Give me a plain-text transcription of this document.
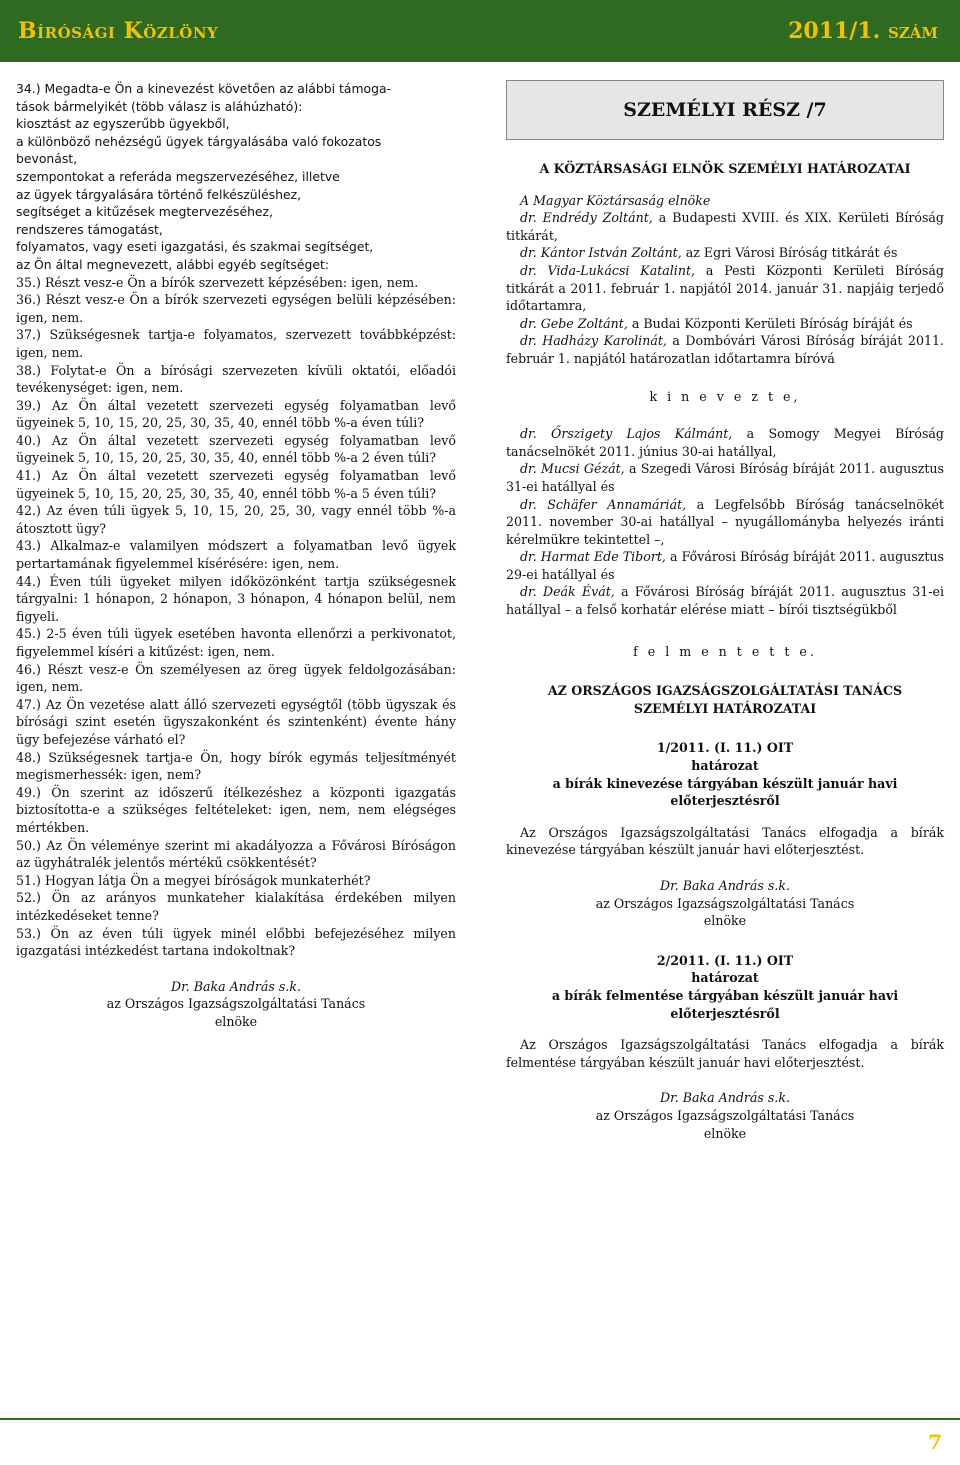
Bírósági Közlöny	2011/1. szám

34.) Megadta-e Ön a kinevezést követően az alábbi támoga-

tások bármelyikét (több válasz is aláhúzható):

kiosztást az egyszerűbb ügyekből,

a különböző nehézségű ügyek tárgyalásába való fokozatos

bevonást,

szempontokat a referáda megszervezéséhez, illetve

az ügyek tárgyalására történő felkészüléshez,

segítséget a kitűzések megtervezéséhez,

rendszeres támogatást,

folyamatos, vagy eseti igazgatási, és szakmai segítséget,

az Ön által megnevezett, alábbi egyéb segítséget:

35.) Részt vesz-e Ön a bírók szervezett képzésében: igen, nem.

36.) Részt vesz-e Ön a bírók szervezeti egységen belüli képzésében: igen, nem.

37.) Szükségesnek tartja-e folyamatos, szervezett továbbképzést: igen, nem.

38.) Folytat-e Ön a bírósági szervezeten kívüli oktatói, előadói tevékenységet: igen, nem.

39.) Az Ön által vezetett szervezeti egység folyamatban levő ügyeinek 5, 10, 15, 20, 25, 30, 35, 40, ennél több %-a éven túli?

40.) Az Ön által vezetett szervezeti egység folyamatban levő ügyeinek 5, 10, 15, 20, 25, 30, 35, 40, ennél több %-a 2 éven túli?

41.) Az Ön által vezetett szervezeti egység folyamatban levő ügyeinek 5, 10, 15, 20, 25, 30, 35, 40, ennél több %-a 5 éven túli?

42.) Az éven túli ügyek 5, 10, 15, 20, 25, 30, vagy ennél több %-a átosztott ügy?

43.) Alkalmaz-e valamilyen módszert a folyamatban levő ügyek pertartamának figyelemmel kísérésére: igen, nem.

44.) Éven túli ügyeket milyen időközönként tartja szükségesnek tárgyalni: 1 hónapon, 2 hónapon, 3 hónapon, 4 hónapon belül, nem figyeli.

45.) 2-5 éven túli ügyek esetében havonta ellenőrzi a perkivonatot, figyelemmel kíséri a kitűzést: igen, nem.

46.) Részt vesz-e Ön személyesen az öreg ügyek feldolgozásában: igen, nem.

47.) Az Ön vezetése alatt álló szervezeti egységtől (több ügyszak és bírósági szint esetén ügyszakonként és szintenként) évente hány ügy befejezése várható el?

48.) Szükségesnek tartja-e Ön, hogy bírók egymás teljesítményét megismerhessék: igen, nem?

49.) Ön szerint az időszerű ítélkezéshez a központi igazgatás biztosította-e a szükséges feltételeket: igen, nem, nem elégséges mértékben.

50.) Az Ön véleménye szerint mi akadályozza a Fővárosi Bíróságon az ügyhátralék jelentős mértékű csökkentését?

51.) Hogyan látja Ön a megyei bíróságok munkaterhét?

52.) Ön az arányos munkateher kialakítása érdekében milyen intézkedéseket tenne?

53.) Ön az éven túli ügyek minél előbbi befejezéséhez milyen igazgatási intézkedést tartana indokoltnak?

Dr. Baka András s.k.
az Országos Igazságszolgáltatási Tanács
elnöke
SZEMÉLYI RÉSZ /7
A KÖZTÁRSASÁGI ELNÖK SZEMÉLYI HATÁROZATAI

A Magyar Köztársaság elnöke

dr. Endrédy Zoltánt, a Budapesti XVIII. és XIX. Kerületi Bíróság titkárát,

dr. Kántor István Zoltánt, az Egri Városi Bíróság titkárát és

dr. Vida-Lukácsi Katalint, a Pesti Központi Kerületi Bíróság titkárát a 2011. február 1. napjától 2014. január 31. napjáig terjedő időtartamra,

dr. Gebe Zoltánt, a Budai Központi Kerületi Bíróság bíráját és

dr. Hadházy Karolinát, a Dombóvári Városi Bíróság bíráját 2011. február 1. napjától határozatlan időtartamra bíróvá

k i n e v e z t e,

dr. Őrszigety Lajos Kálmánt, a Somogy Megyei Bíróság tanácselnökét 2011. június 30-ai hatállyal,

dr. Mucsi Gézát, a Szegedi Városi Bíróság bíráját 2011. augusztus 31-ei hatállyal és

dr. Schäfer Annamáriát, a Legfelsőbb Bíróság tanácselnökét 2011. november 30-ai hatállyal – nyugállományba helyezés iránti kérelmükre tekintettel –,

dr. Harmat Ede Tibort, a Fővárosi Bíróság bíráját 2011. augusztus 29-ei hatállyal és

dr. Deák Évát, a Fővárosi Bíróság bíráját 2011. augusztus 31-ei hatállyal – a felső korhatár elérése miatt – bírói tisztségükből

f e l m e n t e t t e.

AZ ORSZÁGOS IGAZSÁGSZOLGÁLTATÁSI TANÁCS
SZEMÉLYI HATÁROZATAI

1/2011. (I. 11.) OIT

határozat

a bírák kinevezése tárgyában készült január havi előterjesztésről

Az Országos Igazságszolgáltatási Tanács elfogadja a bírák kinevezése tárgyában készült január havi előterjesztést.

Dr. Baka András s.k.
az Országos Igazságszolgáltatási Tanács
elnöke

2/2011. (I. 11.) OIT

határozat

a bírák felmentése tárgyában készült január havi előterjesztésről

Az Országos Igazságszolgáltatási Tanács elfogadja a bírák felmentése tárgyában készült január havi előterjesztést.

Dr. Baka András s.k.
az Országos Igazságszolgáltatási Tanács
elnöke
7
